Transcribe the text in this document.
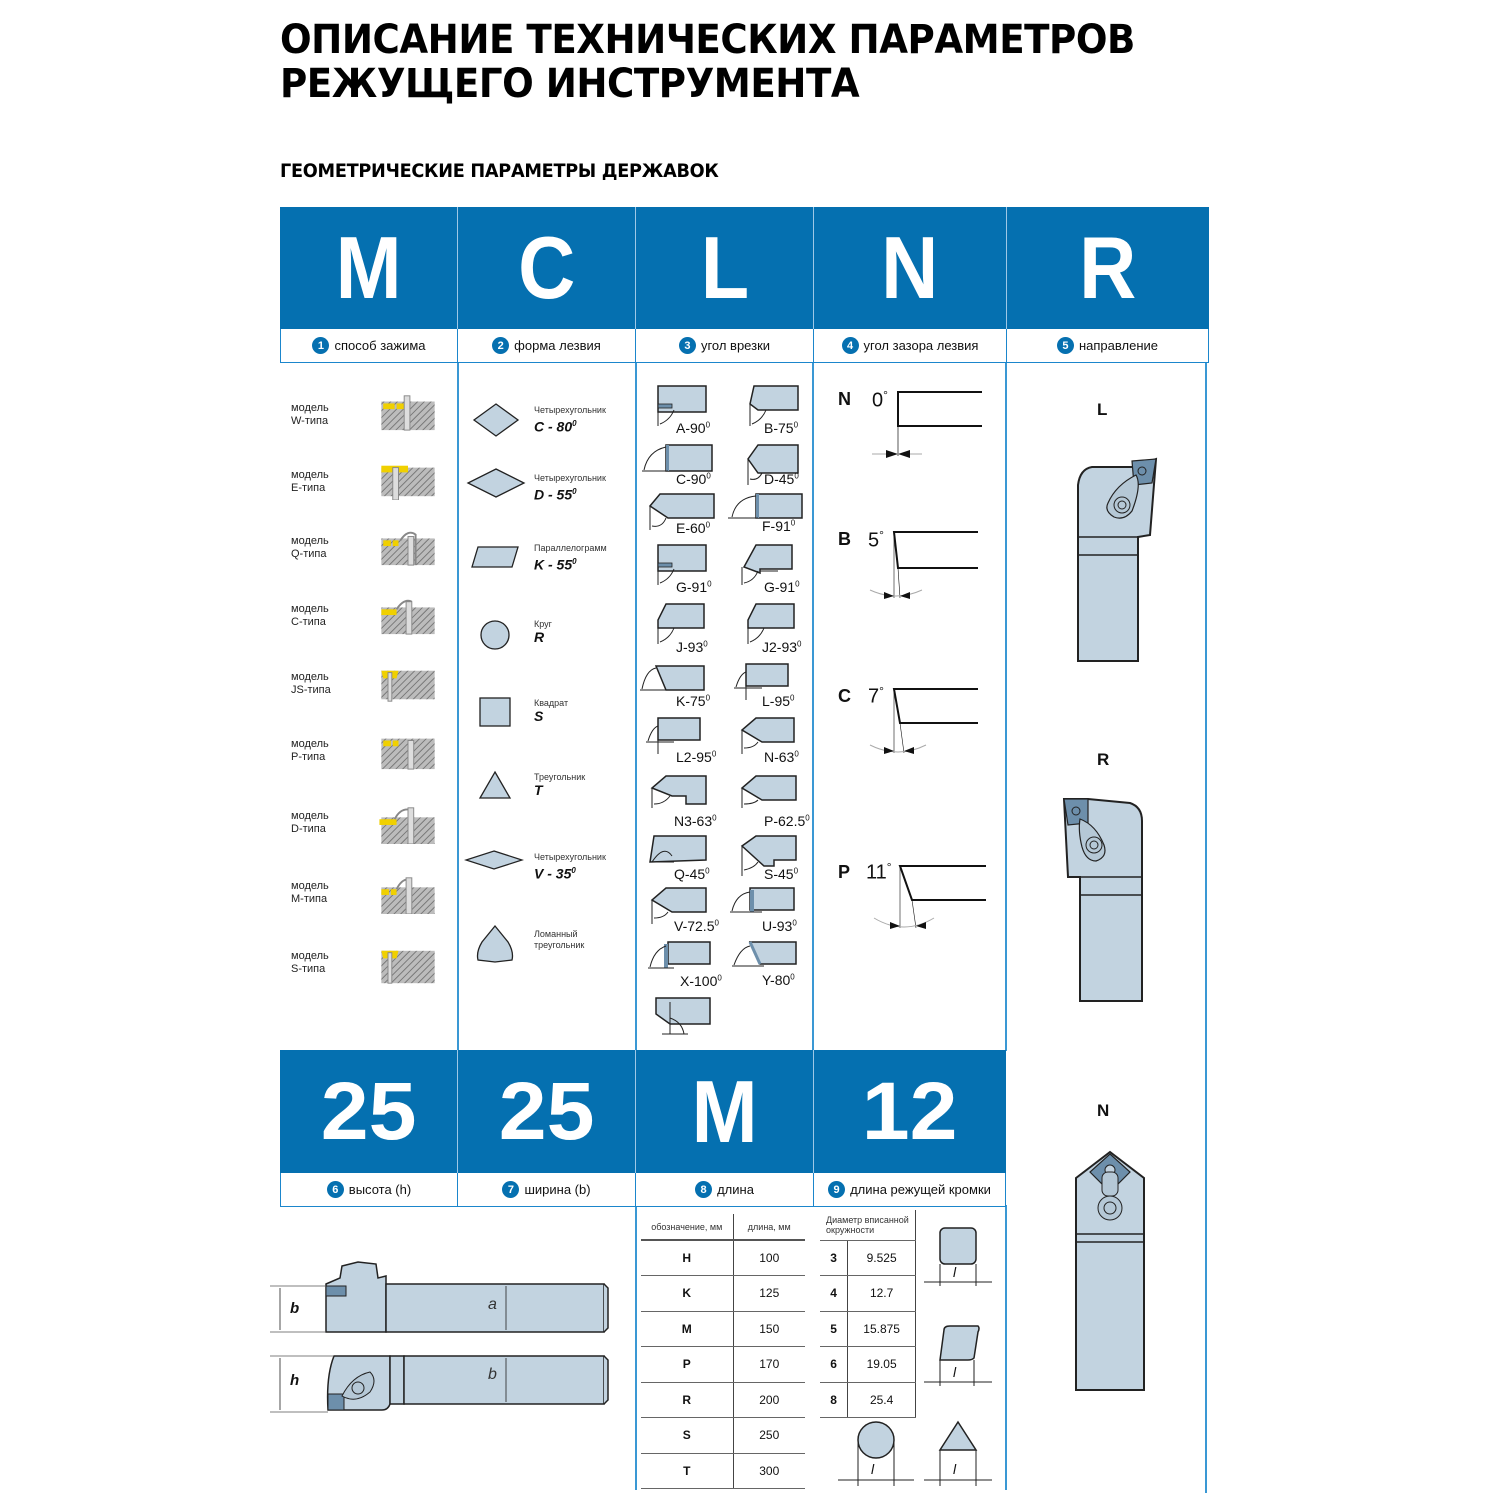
ОПИСАНИЕ ТЕХНИЧЕСКИХ ПАРАМЕТРОВ
РЕЖУЩЕГО ИНСТРУМЕНТА
ГЕОМЕТРИЧЕСКИЕ ПАРАМЕТРЫ ДЕРЖАВОК
M C L N R
1 способ зажима	2 форма лезвия	3 угол врезки	4 угол зазора лезвия	5 направление
модель
W-типа
модель
E-типа
модель
Q-типа
модель
C-типа
модель
JS-типа
модель
P-типа
модель
D-типа
модель
M-типа
модель
S-типа
Четырехугольник
C - $80^0$
Четырехугольник
D - $55^0$
Параллелограмм
K - $55^0$
Круг
R
Квадрат
S
Треугольник
T
Четырехугольник
V - $35^0$
Ломанный треугольник
$A-90^0$	$B-75^0$
$C-90^0$	$D-45^0$
$E-60^0$	$F-91^0$
$G-91^0$	$G-91^0$
$J-93^0$	$J2-93^0$
$K-75^0$	$L-95^0$
$L2-95^0$	$N-63^0$
$N3-63^0$	P-62.5$^0$
$Q-45^0$	$S-45^0$
V-72.5$^0$	$U-93^0$
$X-100^0$	$Y-80^0$
N 0°
B 5°
C 7°
P 11°
L
R
N
25 25 M 12
6 высота (h)	7 ширина (b)	8 длина	9 длина режущей кромки
b	a
h	b
обозначение, мм	длина, мм
H	100
K	125
M	150
P	170
R	200
S	250
T	300
Диаметр вписанной окружности	
3	9.525
4	12.7
5	15.875
6	19.05
8	25.4
l
l
l	l
